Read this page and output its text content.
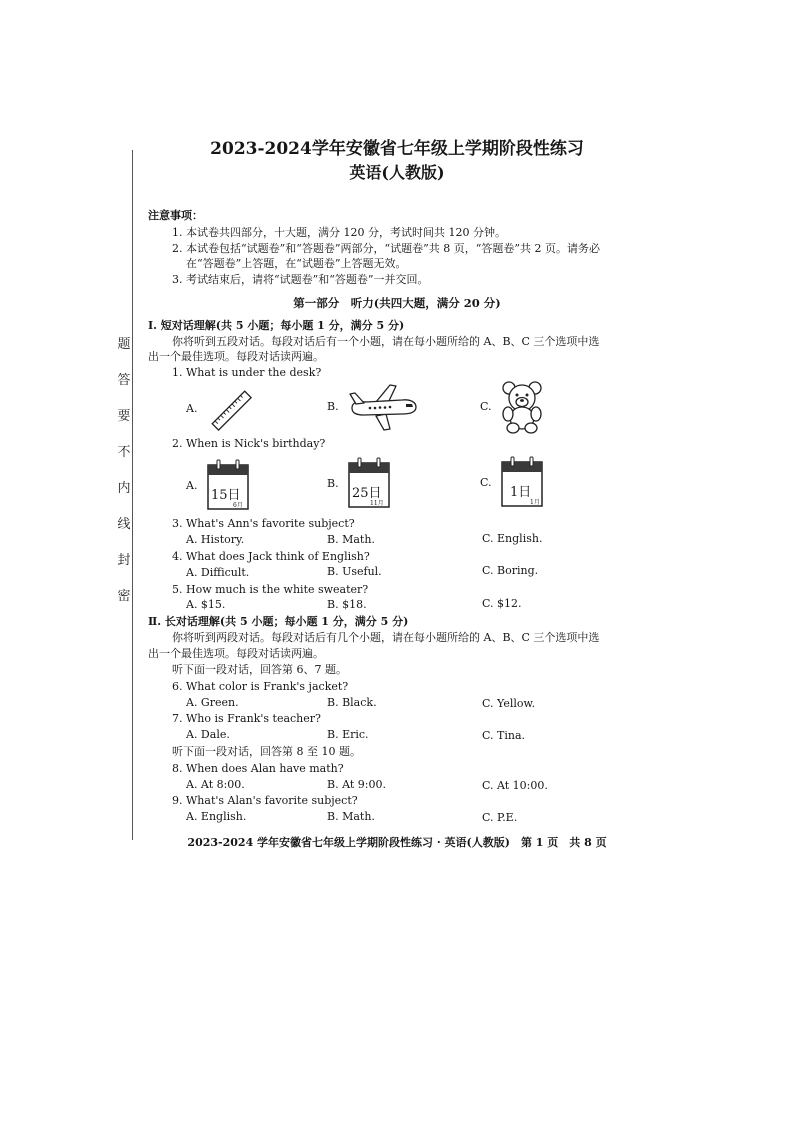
题
答
要
不
内
线
封
密
2023-2024学年安徽省七年级上学期阶段性练习
英语(人教版)
注意事项：
1. 本试卷共四部分，十大题，满分 120 分，考试时间共 120 分钟。
2. 本试卷包括“试题卷”和“答题卷”两部分，“试题卷”共 8 页，“答题卷”共 2 页。请务必
在“答题卷”上答题，在“试题卷”上答题无效。
3. 考试结束后，请将“试题卷”和“答题卷”一并交回。
第一部分　听力(共四大题，满分 20 分)
Ⅰ. 短对话理解(共 5 小题；每小题 1 分，满分 5 分)
你将听到五段对话。每段对话后有一个小题，请在每小题所给的 A、B、C 三个选项中选
出一个最佳选项。每段对话读两遍。
1. What is under the desk?
A.	B.	C.
2. When is Nick's birthday?
A.	B.	C.
15日
6月
25日
11月
1日
1月
3. What's Ann's favorite subject?
A. History.	B. Math.	C. English.
4. What does Jack think of English?
A. Difficult.	B. Useful.	C. Boring.
5. How much is the white sweater?
A. $15.	B. $18.	C. $12.
Ⅱ. 长对话理解(共 5 小题；每小题 1 分，满分 5 分)
你将听到两段对话。每段对话后有几个小题，请在每小题所给的 A、B、C 三个选项中选
出一个最佳选项。每段对话读两遍。
听下面一段对话，回答第 6、7 题。
6. What color is Frank's jacket?
A. Green.	B. Black.	C. Yellow.
7. Who is Frank's teacher?
A. Dale.	B. Eric.	C. Tina.
听下面一段对话，回答第 8 至 10 题。
8. When does Alan have math?
A. At 8:00.	B. At 9:00.	C. At 10:00.
9. What's Alan's favorite subject?
A. English.	B. Math.	C. P.E.
2023-2024 学年安徽省七年级上学期阶段性练习 · 英语(人教版)　第 1 页　共 8 页
